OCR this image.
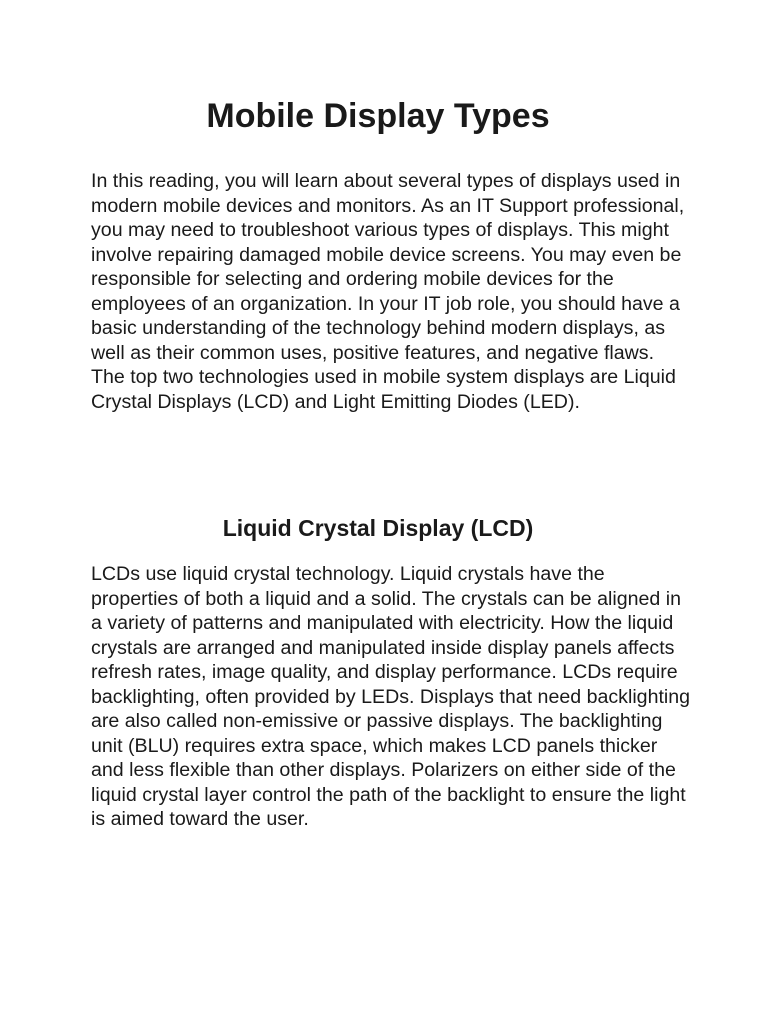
Mobile Display Types

In this reading, you will learn about several types of displays used in modern mobile devices and monitors. As an IT Support professional, you may need to troubleshoot various types of displays. This might involve repairing damaged mobile device screens. You may even be responsible for selecting and ordering mobile devices for the employees of an organization. In your IT job role, you should have a basic understanding of the technology behind modern displays, as well as their common uses, positive features, and negative flaws. The top two technologies used in mobile system displays are Liquid Crystal Displays (LCD) and Light Emitting Diodes (LED).

Liquid Crystal Display (LCD)

LCDs use liquid crystal technology. Liquid crystals have the properties of both a liquid and a solid. The crystals can be aligned in a variety of patterns and manipulated with electricity. How the liquid crystals are arranged and manipulated inside display panels affects refresh rates, image quality, and display performance. LCDs require backlighting, often provided by LEDs. Displays that need backlighting are also called non-emissive or passive displays. The backlighting unit (BLU) requires extra space, which makes LCD panels thicker and less flexible than other displays. Polarizers on either side of the liquid crystal layer control the path of the backlight to ensure the light is aimed toward the user.
